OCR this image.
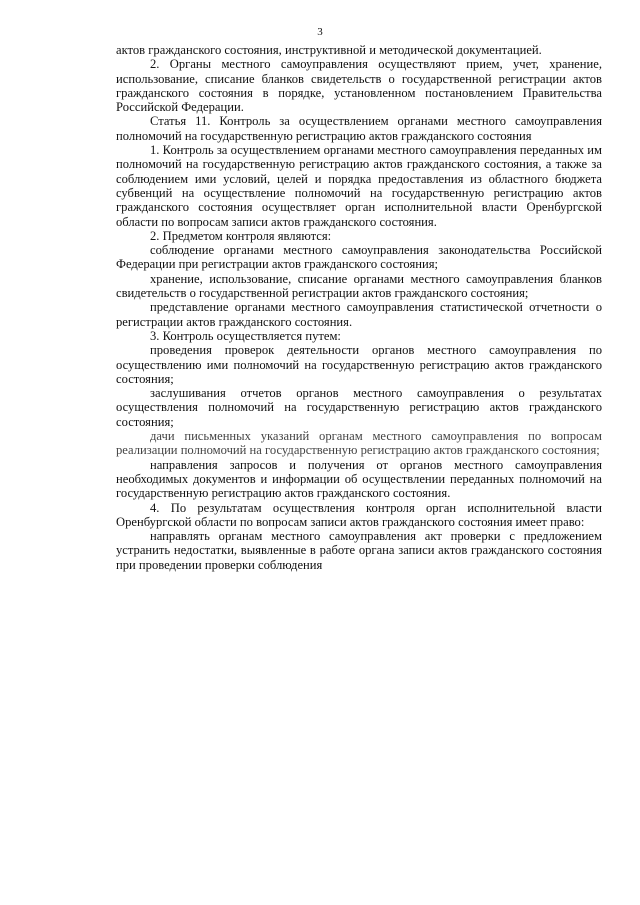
3

актов гражданского состояния, инструктивной и методической документацией.

2. Органы местного самоуправления осуществляют прием, учет, хранение, использование, списание бланков свидетельств о государственной регистрации актов гражданского состояния в порядке, установленном постановлением Правительства Российской Федерации.

Статья 11. Контроль за осуществлением органами местного самоуправления полномочий на государственную регистрацию актов гражданского состояния

1. Контроль за осуществлением органами местного самоуправления переданных им полномочий на государственную регистрацию актов гражданского состояния, а также за соблюдением ими условий, целей и порядка предоставления из областного бюджета субвенций на осуществление полномочий на государственную регистрацию актов гражданского состояния осуществляет орган исполнительной власти Оренбургской области по вопросам записи актов гражданского состояния.

2. Предметом контроля являются:

соблюдение органами местного самоуправления законодательства Российской Федерации при регистрации актов гражданского состояния;

хранение, использование, списание органами местного самоуправления бланков свидетельств о государственной регистрации актов гражданского состояния;

представление органами местного самоуправления статистической отчетности о регистрации актов гражданского состояния.

3. Контроль осуществляется путем:

проведения проверок деятельности органов местного самоуправления по осуществлению ими полномочий на государственную регистрацию актов гражданского состояния;

заслушивания отчетов органов местного самоуправления о результатах осуществления полномочий на государственную регистрацию актов гражданского состояния;

дачи письменных указаний органам местного самоуправления по вопросам реализации полномочий на государственную регистрацию актов гражданского состояния;

направления запросов и получения от органов местного самоуправления необходимых документов и информации об осуществлении переданных полномочий на государственную регистрацию актов гражданского состояния.

4. По результатам осуществления контроля орган исполнительной власти Оренбургской области по вопросам записи актов гражданского состояния имеет право:

направлять органам местного самоуправления акт проверки с предложением устранить недостатки, выявленные в работе органа записи актов гражданского состояния при проведении проверки соблюдения
